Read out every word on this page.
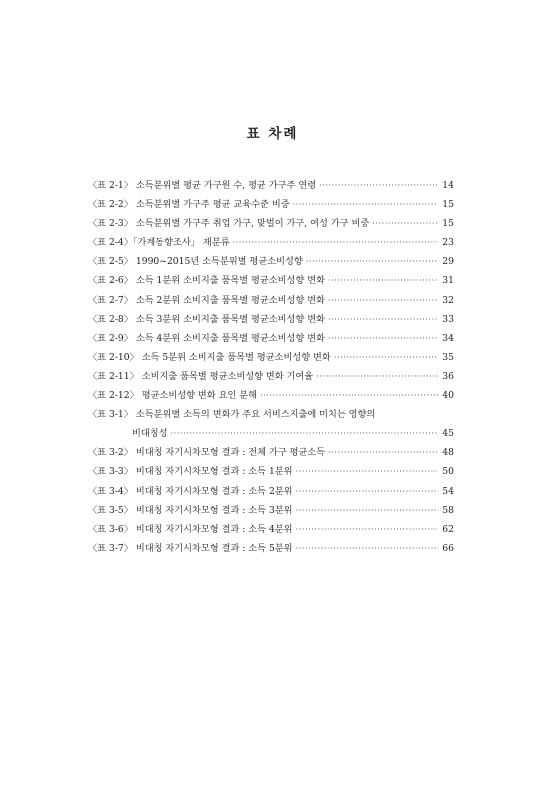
표 차례
〈표 2-1〉 소득분위별 평균 가구원 수, 평균 가구주 연령 ·····	14
〈표 2-2〉 소득분위별 가구주 평균 교육수준 비중 ·····	15
〈표 2-3〉 소득분위별 가구주 취업 가구, 맞벌이 가구, 여성 가구 비중 ·····	15
〈표 2-4〉「가계동향조사」 재분류 ·····	23
〈표 2-5〉 1990~2015년 소득분위별 평균소비성향 ·····	29
〈표 2-6〉 소득 1분위 소비지출 품목별 평균소비성향 변화 ·····	31
〈표 2-7〉 소득 2분위 소비지출 품목별 평균소비성향 변화 ·····	32
〈표 2-8〉 소득 3분위 소비지출 품목별 평균소비성향 변화 ·····	33
〈표 2-9〉 소득 4분위 소비지출 품목별 평균소비성향 변화 ·····	34
〈표 2-10〉 소득 5분위 소비지출 품목별 평균소비성향 변화 ·····	35
〈표 2-11〉 소비지출 품목별 평균소비성향 변화 기여율 ·····	36
〈표 2-12〉 평균소비성향 변화 요인 분해 ·····	40
〈표 3-1〉 소득분위별 소득의 변화가 주요 서비스지출에 미치는 영향의
비대칭성 ·····	45
〈표 3-2〉 비대칭 자기시차모형 결과 : 전체 가구 평균소득 ·····	48
〈표 3-3〉 비대칭 자기시차모형 결과 : 소득 1분위 ·····	50
〈표 3-4〉 비대칭 자기시차모형 결과 : 소득 2분위 ·····	54
〈표 3-5〉 비대칭 자기시차모형 결과 : 소득 3분위 ·····	58
〈표 3-6〉 비대칭 자기시차모형 결과 : 소득 4분위 ·····	62
〈표 3-7〉 비대칭 자기시차모형 결과 : 소득 5분위 ·····	66
